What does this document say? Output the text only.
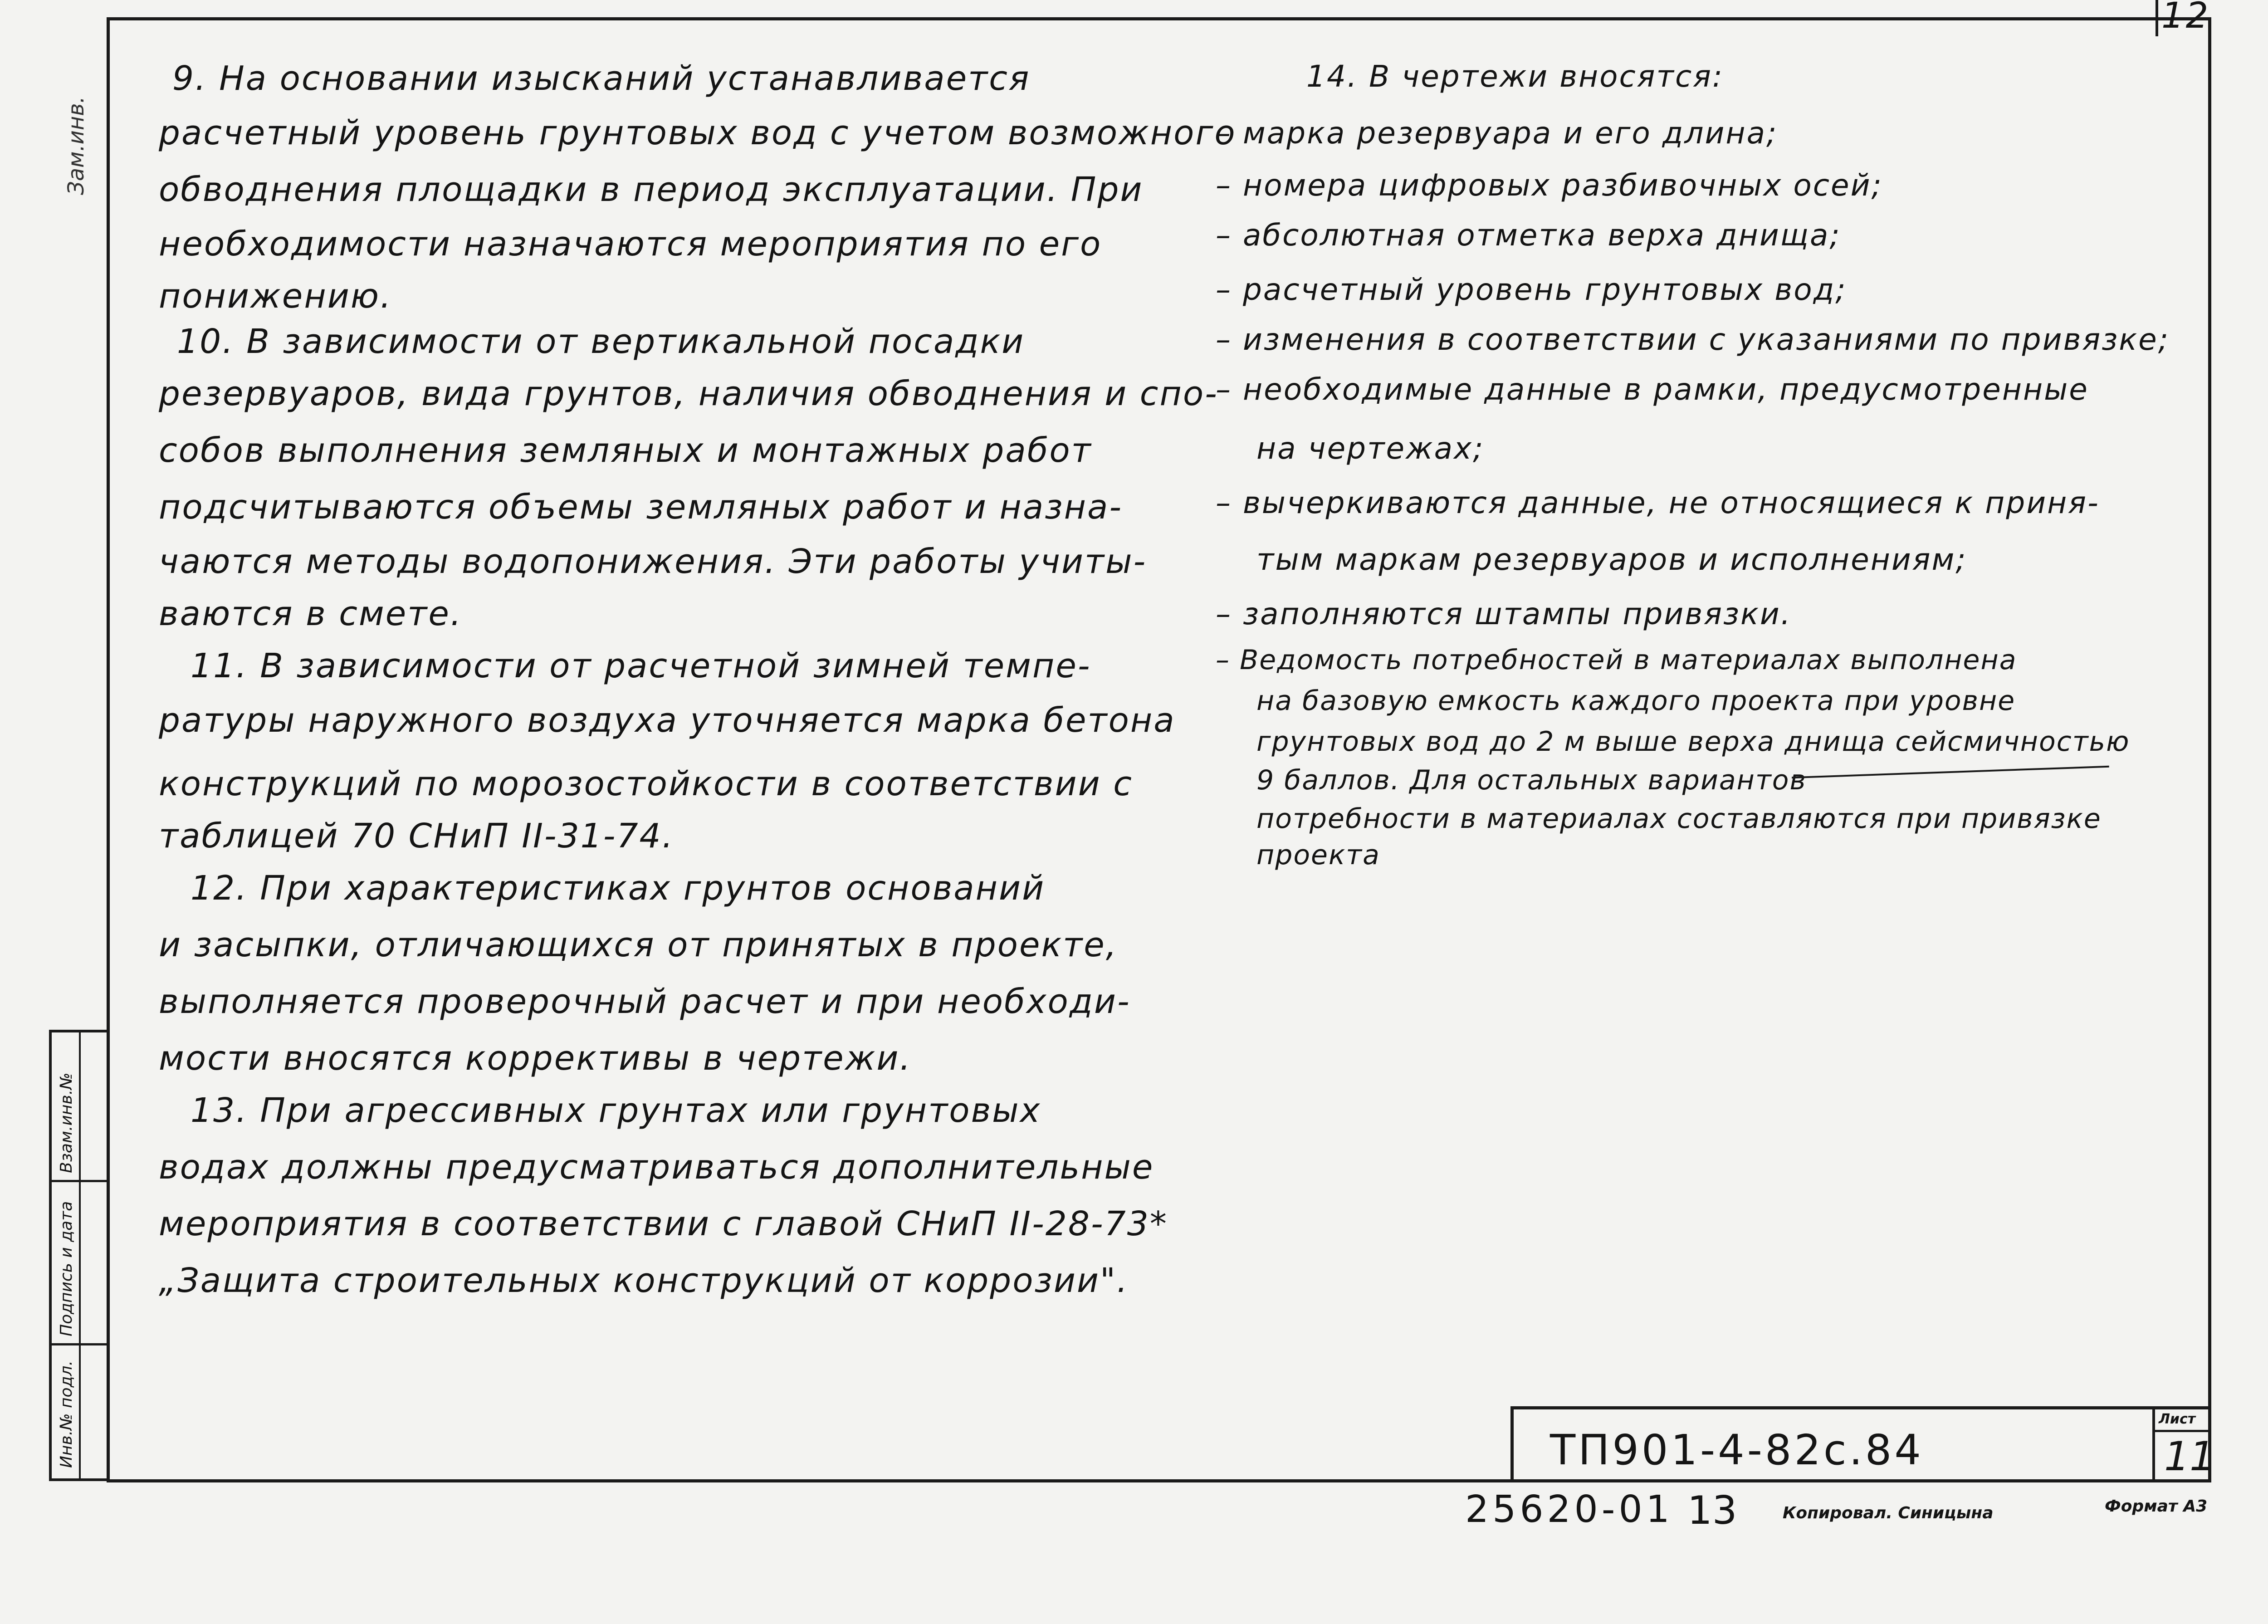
12
Зам.инв.
9. На основании изысканий устанавливается
расчетный уровень грунтовых вод с учетом возможного
обводнения площадки в период эксплуатации. При
необходимости назначаются мероприятия по его
понижению.
10. В зависимости от вертикальной посадки
резервуаров, вида грунтов, наличия обводнения и спо-
собов выполнения земляных и монтажных работ
подсчитываются объемы земляных работ и назна-
чаются методы водопонижения. Эти работы учиты-
ваются в смете.
11. В зависимости от расчетной зимней темпе-
ратуры наружного воздуха уточняется марка бетона
конструкций по морозостойкости в соответствии с
таблицей 70 СНиП II-31-74.
12. При характеристиках грунтов оснований
и засыпки, отличающихся от принятых в проекте,
выполняется проверочный расчет и при необходи-
мости вносятся коррективы в чертежи.
13. При агрессивных грунтах или грунтовых
водах должны предусматриваться дополнительные
мероприятия в соответствии с главой СНиП II-28-73*
„Защита строительных конструкций от коррозии".
14. В чертежи вносятся:
– марка резервуара и его длина;
– номера цифровых разбивочных осей;
– абсолютная отметка верха днища;
– расчетный уровень грунтовых вод;
– изменения в соответствии с указаниями по привязке;
– необходимые данные в рамки, предусмотренные
на чертежах;
– вычеркиваются данные, не относящиеся к приня-
тым маркам резервуаров и исполнениям;
– заполняются штампы привязки.
– Ведомость потребностей в материалах выполнена
на базовую емкость каждого проекта при уровне
грунтовых вод до 2 м выше верха днища сейсмичностью
9 баллов. Для остальных вариантов
потребности в материалах составляются при привязке
проекта
Взам.инв.№
Подпись и дата
Инв.№ подл.	ТП901-4-82с.84
Лист
11
25620-01 13	Копировал. Синицына	Формат А3
